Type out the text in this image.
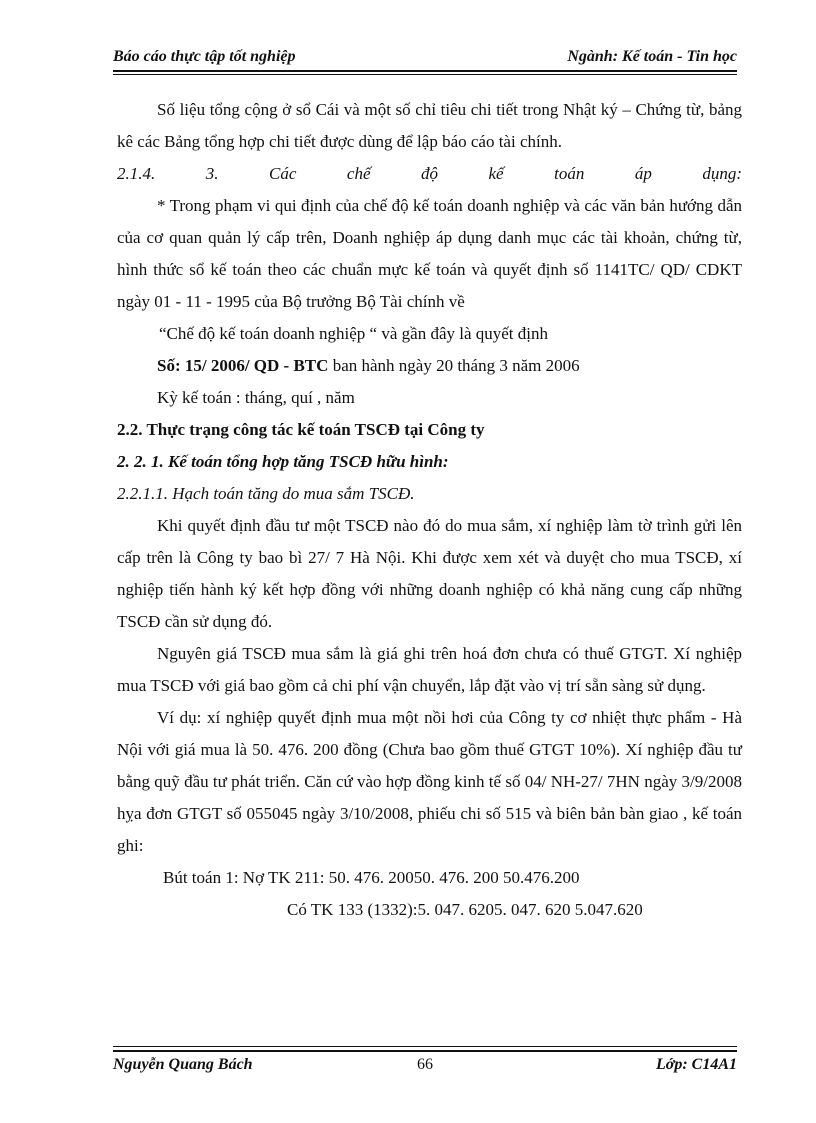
Báo cáo thực tập tốt nghiệp	Ngành: Kế toán - Tin học

Số liệu tổng cộng ở sổ Cái và một số chỉ tiêu chi tiết trong Nhật ký – Chứng từ, bảng kê các Bảng tổng hợp chi tiết được dùng để lập báo cáo tài chính.

2.1.4. 3. Các chế độ kế toán áp dụng:

* Trong phạm vi qui định của chế độ kế toán doanh nghiệp và các văn bản hướng dẫn của cơ quan quản lý cấp trên, Doanh nghiệp áp dụng danh mục các tài khoản, chứng từ, hình thức sổ kế toán theo các chuẩn mực kế toán và quyết định số 1141TC/ QD/ CDKT ngày 01 - 11 - 1995 của Bộ trưởng Bộ Tài chính về

“Chế độ kế toán doanh nghiệp “ và gần đây là quyết định

Số: 15/ 2006/ QD - BTC ban hành ngày 20 tháng 3 năm 2006

Kỳ kế toán : tháng, quí , năm

2.2. Thực trạng công tác kế toán TSCĐ tại Công ty

2. 2. 1. Kế toán tổng hợp tăng TSCĐ hữu hình:

2.2.1.1. Hạch toán tăng do mua sắm TSCĐ.

Khi quyết định đầu tư một TSCĐ nào đó do mua sắm, xí nghiệp làm tờ trình gửi lên cấp trên là Công ty bao bì 27/ 7 Hà Nội. Khi được xem xét và duyệt cho mua TSCĐ, xí nghiệp tiến hành ký kết hợp đồng với những doanh nghiệp có khả năng cung cấp những TSCĐ cần sử dụng đó.

Nguyên giá TSCĐ mua sắm là giá ghi trên hoá đơn chưa có thuế GTGT. Xí nghiệp mua TSCĐ với giá bao gồm cả chi phí vận chuyển, lắp đặt vào vị trí sẵn sàng sử dụng.

Ví dụ: xí nghiệp quyết định mua một nồi hơi của Công ty cơ nhiệt thực phẩm - Hà Nội với giá mua là 50. 476. 200 đồng (Chưa bao gồm thuế GTGT 10%). Xí nghiệp đầu tư bằng quỹ đầu tư phát triển. Căn cứ vào hợp đồng kinh tế số 04/ NH-27/ 7HN ngày 3/9/2008 hỵa đơn GTGT số 055045 ngày 3/10/2008, phiếu chi số 515 và biên bản bàn giao , kế toán ghi:

Bút toán 1: Nợ TK 211: 50. 476. 20050. 476. 200 50.476.200

Có TK 133 (1332):5. 047. 6205. 047. 620 5.047.620

Nguyễn Quang Bách	66	Lớp: C14A1
